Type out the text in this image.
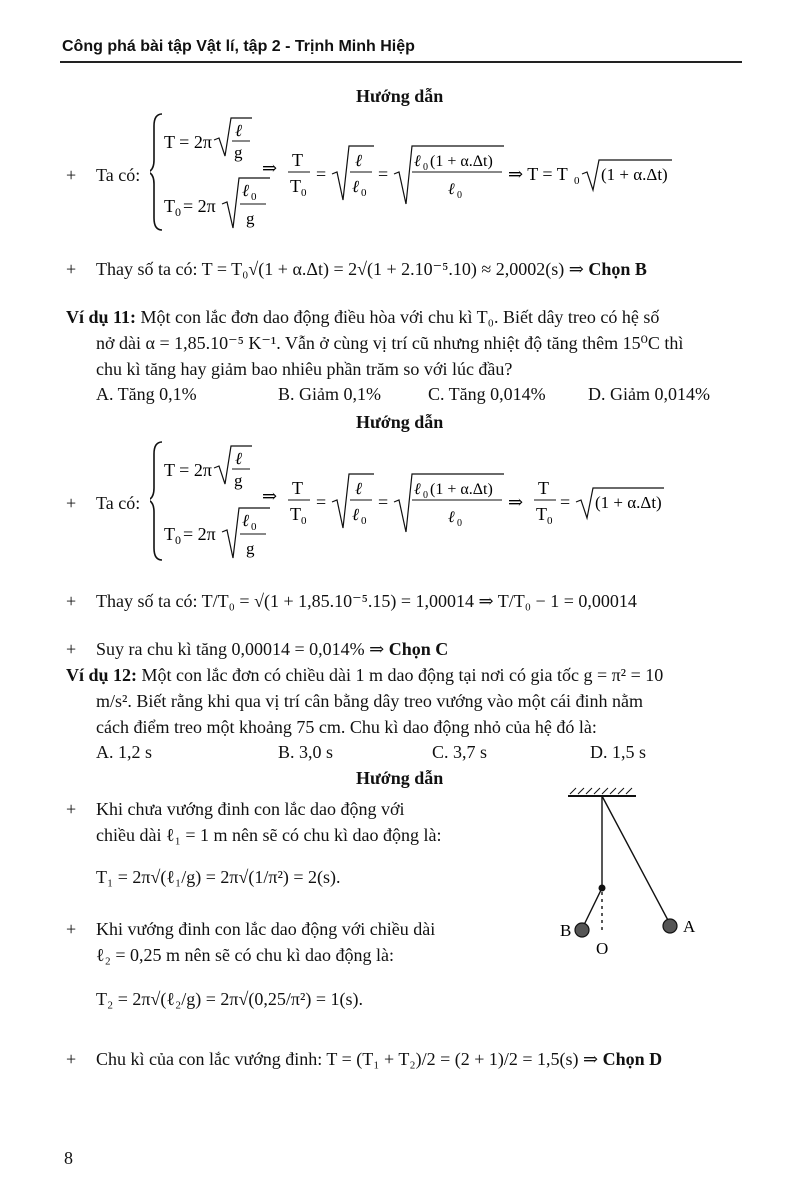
Công phá bài tập Vật lí, tập 2 - Trịnh Minh Hiệp
Hướng dẫn
+ Ta có:
T = 2π
ℓ
g
T 0 = 2π
ℓ 0
g
⇒ T
T 0
=
ℓ
ℓ 0
=
ℓ 0 (1 + α.Δt)
ℓ 0
⇒ T = T 0 (1 + α.Δt)
+ Thay số ta có: T = T₀√(1 + α.Δt) = 2√(1 + 2.10⁻⁵.10) ≈ 2,0002(s) ⇒ Chọn B
Ví dụ 11: Một con lắc đơn dao động điều hòa với chu kì T₀. Biết dây treo có hệ số
nở dài α = 1,85.10⁻⁵ K⁻¹. Vẫn ở cùng vị trí cũ nhưng nhiệt độ tăng thêm 15⁰C thì
chu kì tăng hay giảm bao nhiêu phần trăm so với lúc đầu?
A. Tăng 0,1%	B. Giảm 0,1%	C. Tăng 0,014% D. Giảm 0,014%
Hướng dẫn
+ Ta có:
T = 2π
ℓ
g
T 0 = 2π
ℓ 0
g
⇒ T
T 0
=
ℓ
ℓ 0
=
ℓ 0 (1 + α.Δt)
ℓ 0
⇒
T
T 0
= (1 + α.Δt)
+ Thay số ta có: T/T₀ = √(1 + 1,85.10⁻⁵.15) = 1,00014 ⇒ T/T₀ − 1 = 0,00014
+ Suy ra chu kì tăng 0,00014 = 0,014% ⇒ Chọn C
Ví dụ 12: Một con lắc đơn có chiều dài 1 m dao động tại nơi có gia tốc g = π² = 10
m/s². Biết rằng khi qua vị trí cân bằng dây treo vướng vào một cái đinh nằm
cách điểm treo một khoảng 75 cm. Chu kì dao động nhỏ của hệ đó là:
A. 1,2 s	B. 3,0 s	C. 3,7 s	D. 1,5 s
Hướng dẫn
+ Khi chưa vướng đinh con lắc dao động với
chiều dài ℓ₁ = 1 m nên sẽ có chu kì dao động là:
T₁ = 2π√(ℓ₁/g) = 2π√(1/π²) = 2(s).
+ Khi vướng đinh con lắc dao động với chiều dài
ℓ₂ = 0,25 m nên sẽ có chu kì dao động là:
T₂ = 2π√(ℓ₂/g) = 2π√(0,25/π²) = 1(s).
+ Chu kì của con lắc vướng đinh: T = (T₁ + T₂)/2 = (2 + 1)/2 = 1,5(s) ⇒ Chọn D
A
B
O
8
